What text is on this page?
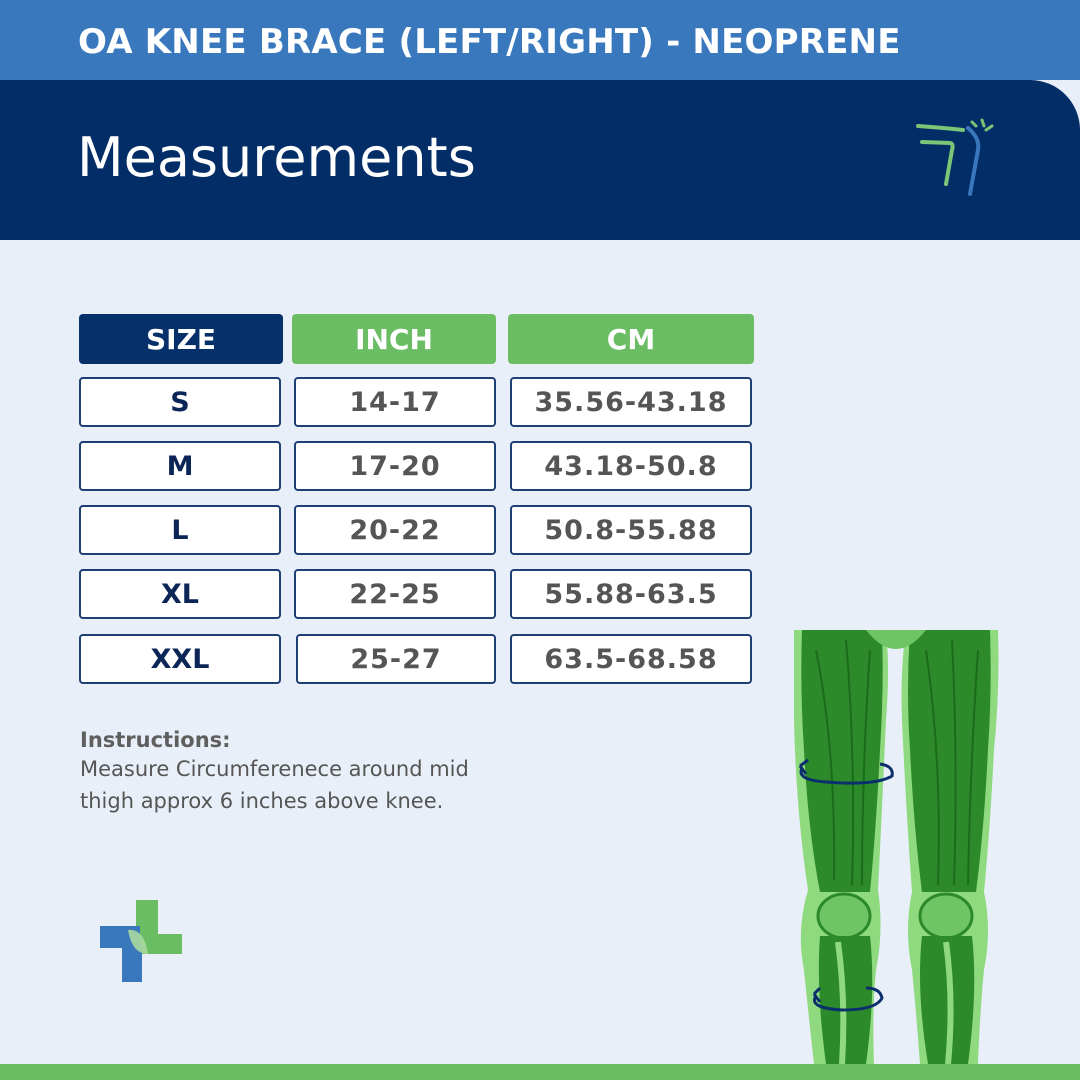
OA KNEE BRACE (LEFT/RIGHT) - NEOPRENE
Measurements
SIZE	INCH	CM
S	14-17	35.56-43.18
M	17-20	43.18-50.8
L	20-22	50.8-55.88
XL	22-25	55.88-63.5
XXL	25-27	63.5-68.58
Instructions:
Measure Circumferenece around mid
thigh approx 6 inches above knee.
